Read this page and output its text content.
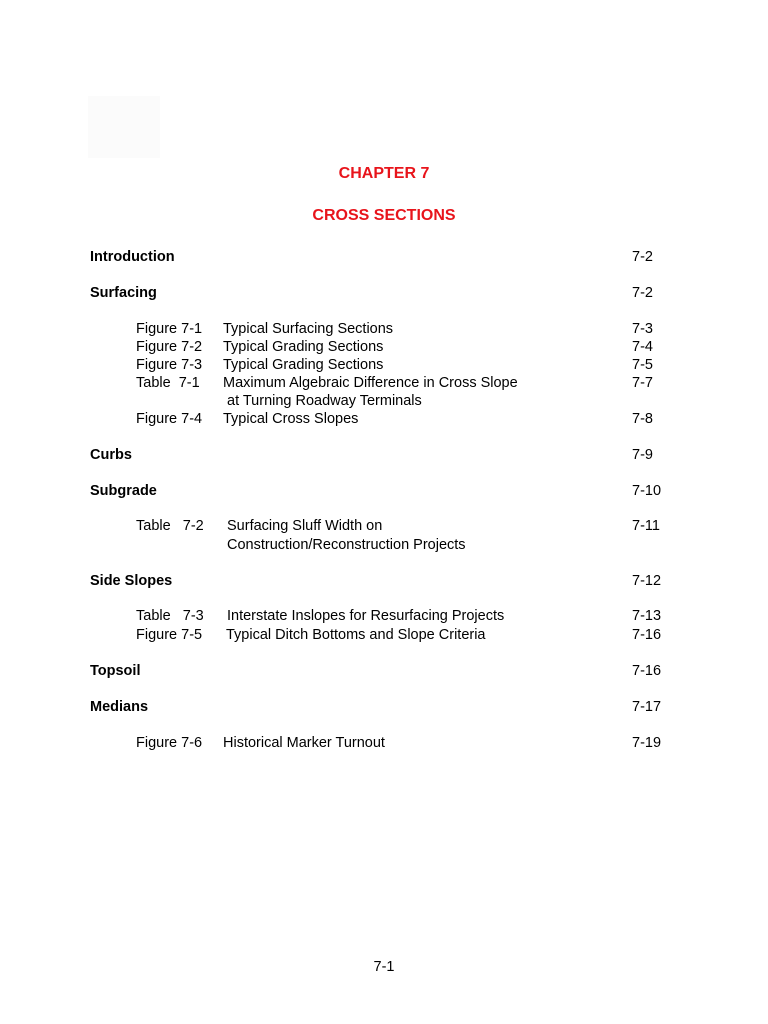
CHAPTER 7
CROSS SECTIONS
Introduction	7-2
Surfacing	7-2
Figure 7-1 Typical Surfacing Sections	7-3
Figure 7-2 Typical Grading Sections	7-4
Figure 7-3 Typical Grading Sections	7-5
Table  7-1 Maximum Algebraic Difference in Cross Slope	7-7
at Turning Roadway Terminals
Figure 7-4 Typical Cross Slopes	7-8
Curbs	7-9
Subgrade	7-10
Table   7-2 Surfacing Sluff Width on	7-11
Construction/Reconstruction Projects
Side Slopes	7-12
Table   7-3 Interstate Inslopes for Resurfacing Projects	7-13
Figure 7-5 Typical Ditch Bottoms and Slope Criteria	7-16
Topsoil	7-16
Medians	7-17
Figure 7-6 Historical Marker Turnout	7-19
7-1
